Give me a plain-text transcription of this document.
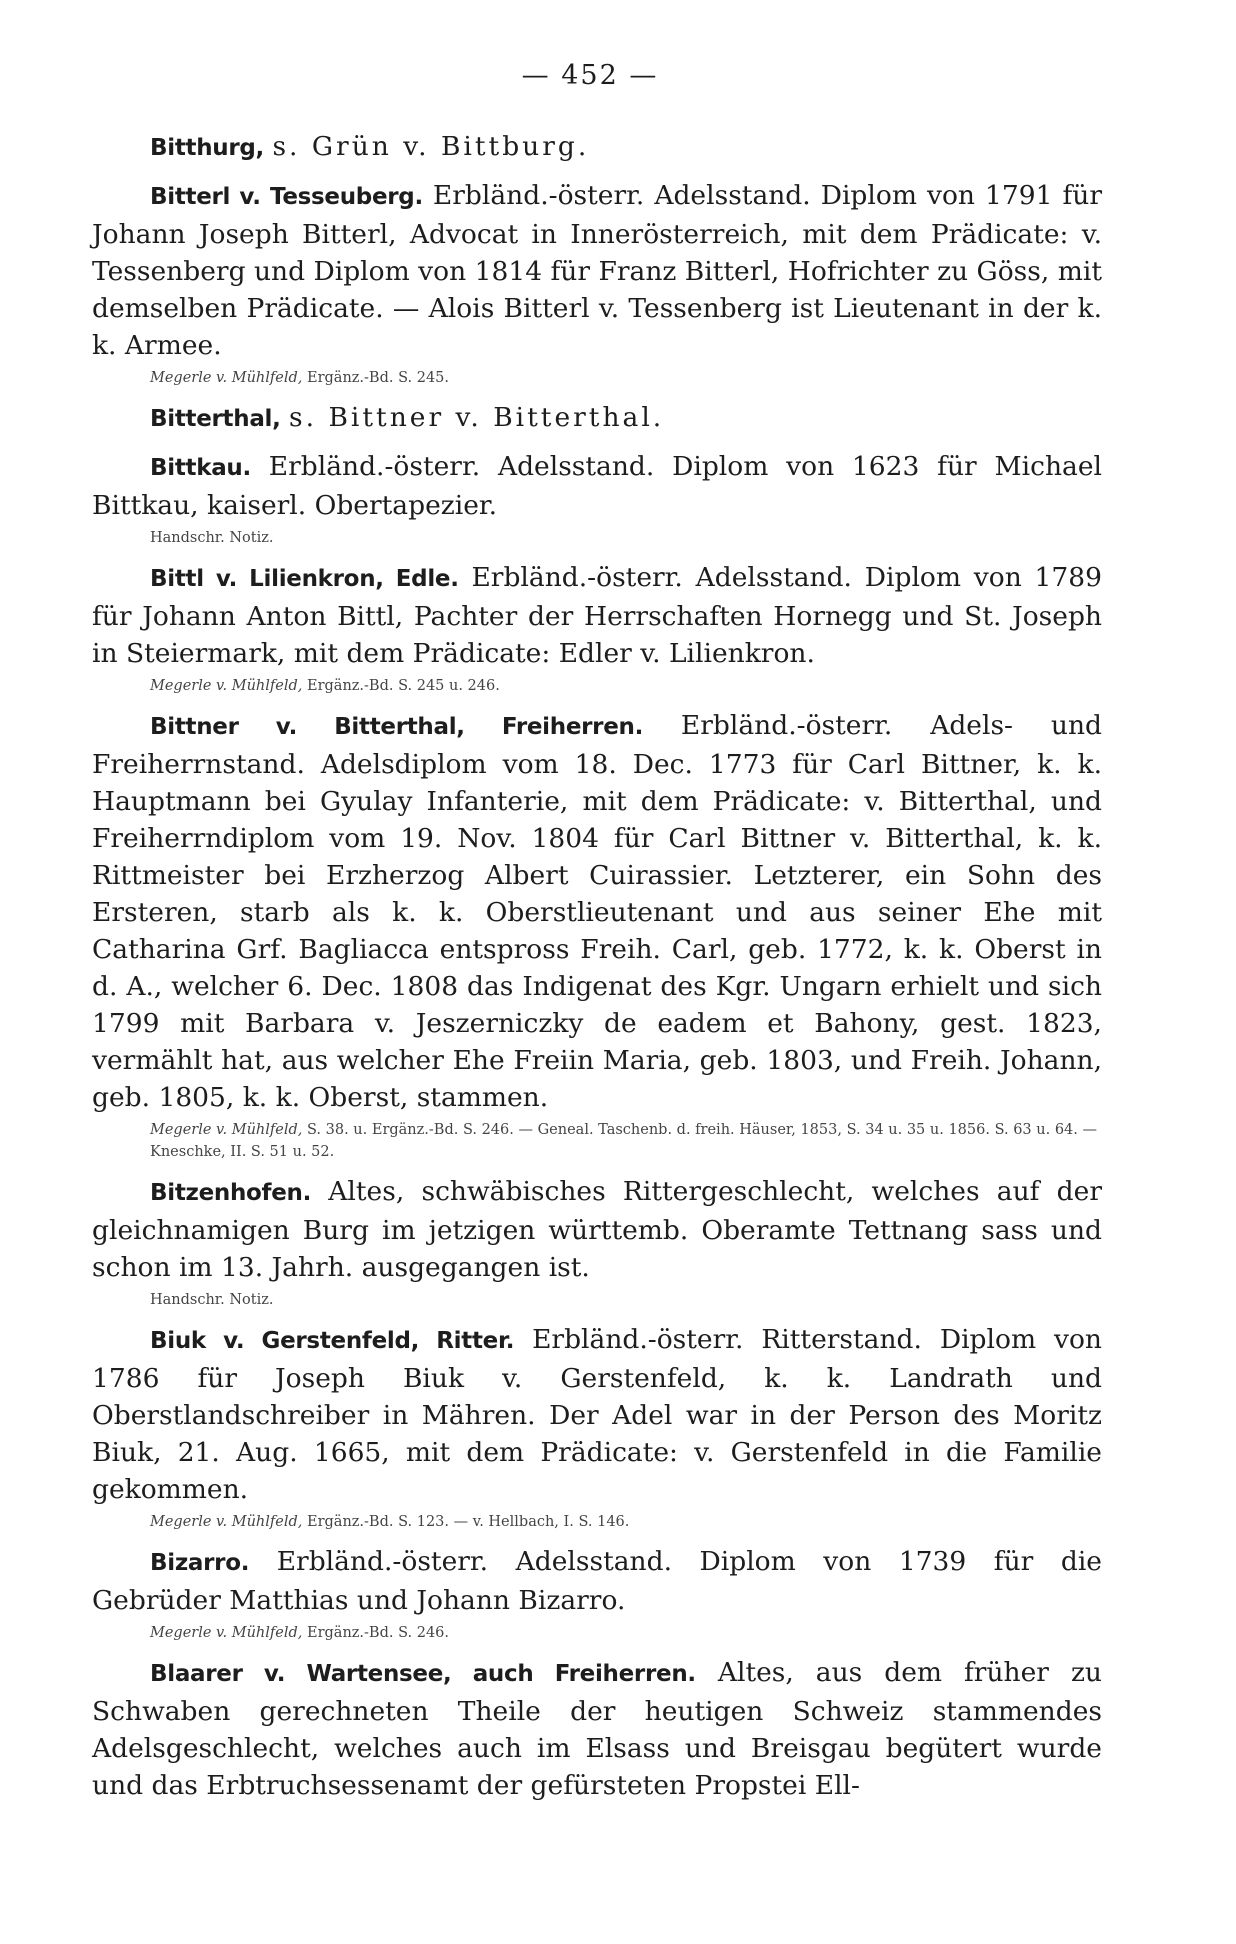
— 452 —

Bitthurg, s. Grün v. Bittburg.

Bitterl v. Tesseuberg. Erbländ.-österr. Adelsstand. Diplom von 1791 für Johann Joseph Bitterl, Advocat in Innerösterreich, mit dem Prädicate: v. Tessenberg und Diplom von 1814 für Franz Bitterl, Hofrichter zu Göss, mit demselben Prädicate. — Alois Bitterl v. Tessenberg ist Lieutenant in der k. k. Armee.

Megerle v. Mühlfeld, Ergänz.-Bd. S. 245.

Bitterthal, s. Bittner v. Bitterthal.

Bittkau. Erbländ.-österr. Adelsstand. Diplom von 1623 für Michael Bittkau, kaiserl. Obertapezier.

Handschr. Notiz.

Bittl v. Lilienkron, Edle. Erbländ.-österr. Adelsstand. Diplom von 1789 für Johann Anton Bittl, Pachter der Herrschaften Hornegg und St. Joseph in Steiermark, mit dem Prädicate: Edler v. Lilienkron.

Megerle v. Mühlfeld, Ergänz.-Bd. S. 245 u. 246.

Bittner v. Bitterthal, Freiherren. Erbländ.-österr. Adels- und Freiherrnstand. Adelsdiplom vom 18. Dec. 1773 für Carl Bittner, k. k. Hauptmann bei Gyulay Infanterie, mit dem Prädicate: v. Bitterthal, und Freiherrndiplom vom 19. Nov. 1804 für Carl Bittner v. Bitterthal, k. k. Rittmeister bei Erzherzog Albert Cuirassier. Letzterer, ein Sohn des Ersteren, starb als k. k. Oberstlieutenant und aus seiner Ehe mit Catharina Grf. Bagliacca entspross Freih. Carl, geb. 1772, k. k. Oberst in d. A., welcher 6. Dec. 1808 das Indigenat des Kgr. Ungarn erhielt und sich 1799 mit Barbara v. Jeszerniczky de eadem et Bahony, gest. 1823, vermählt hat, aus welcher Ehe Freiin Maria, geb. 1803, und Freih. Johann, geb. 1805, k. k. Oberst, stammen.

Megerle v. Mühlfeld, S. 38. u. Ergänz.-Bd. S. 246. — Geneal. Taschenb. d. freih. Häuser, 1853, S. 34 u. 35 u. 1856. S. 63 u. 64. — Kneschke, II. S. 51 u. 52.

Bitzenhofen. Altes, schwäbisches Rittergeschlecht, welches auf der gleichnamigen Burg im jetzigen württemb. Oberamte Tettnang sass und schon im 13. Jahrh. ausgegangen ist.

Handschr. Notiz.

Biuk v. Gerstenfeld, Ritter. Erbländ.-österr. Ritterstand. Diplom von 1786 für Joseph Biuk v. Gerstenfeld, k. k. Landrath und Oberstlandschreiber in Mähren. Der Adel war in der Person des Moritz Biuk, 21. Aug. 1665, mit dem Prädicate: v. Gerstenfeld in die Familie gekommen.

Megerle v. Mühlfeld, Ergänz.-Bd. S. 123. — v. Hellbach, I. S. 146.

Bizarro. Erbländ.-österr. Adelsstand. Diplom von 1739 für die Gebrüder Matthias und Johann Bizarro.

Megerle v. Mühlfeld, Ergänz.-Bd. S. 246.

Blaarer v. Wartensee, auch Freiherren. Altes, aus dem früher zu Schwaben gerechneten Theile der heutigen Schweiz stammendes Adelsgeschlecht, welches auch im Elsass und Breisgau begütert wurde und das Erbtruchsessenamt der gefürsteten Propstei Ell-
